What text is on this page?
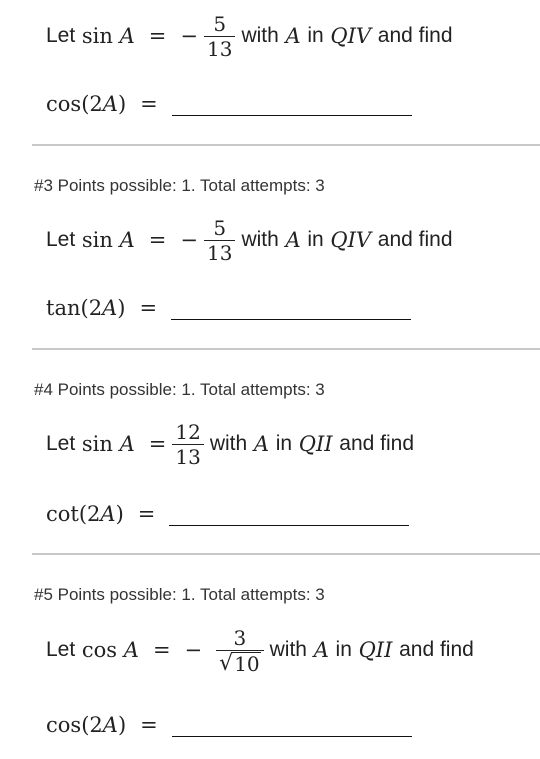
Let
sin
A = − $\frac{5}{13}$ with
A
in
QIV
and find
cos ( 2A ) =
#3 Points possible: 1. Total attempts: 3
Let
sin
A = − $\frac{5}{13}$ with
A
in
QIV
and find
tan ( 2A ) =
#4 Points possible: 1. Total attempts: 3
Let
sin
$A = \frac{12}{13}$ with
A
in
QII
and find
cot ( 2A ) =
#5 Points possible: 1. Total attempts: 3
Let
cos
A = − $\frac{3}{√ 10}$ with
A
in
QII
and find
cos ( 2A ) =
